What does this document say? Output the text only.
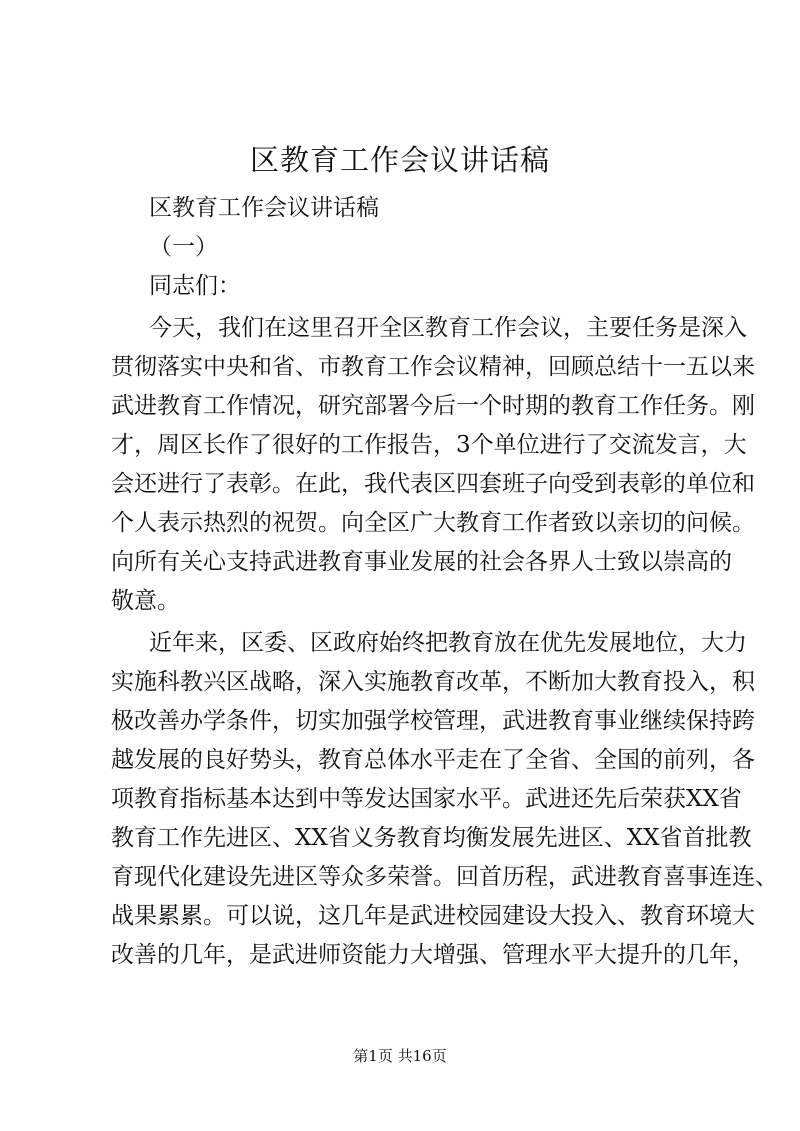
区教育工作会议讲话稿
区教育工作会议讲话稿
（一）
同志们：
今天，我们在这里召开全区教育工作会议，主要任务是深入
贯彻落实中央和省、市教育工作会议精神，回顾总结十一五以来
武进教育工作情况，研究部署今后一个时期的教育工作任务。刚
才，周区长作了很好的工作报告，3个单位进行了交流发言，大
会还进行了表彰。在此，我代表区四套班子向受到表彰的单位和
个人表示热烈的祝贺。向全区广大教育工作者致以亲切的问候。
向所有关心支持武进教育事业发展的社会各界人士致以崇高的
敬意。
近年来，区委、区政府始终把教育放在优先发展地位，大力
实施科教兴区战略，深入实施教育改革，不断加大教育投入，积
极改善办学条件，切实加强学校管理，武进教育事业继续保持跨
越发展的良好势头，教育总体水平走在了全省、全国的前列，各
项教育指标基本达到中等发达国家水平。武进还先后荣获XX省
教育工作先进区、XX省义务教育均衡发展先进区、XX省首批教
育现代化建设先进区等众多荣誉。回首历程，武进教育喜事连连、
战果累累。可以说，这几年是武进校园建设大投入、教育环境大
改善的几年，是武进师资能力大增强、管理水平大提升的几年，
第1页 共16页
